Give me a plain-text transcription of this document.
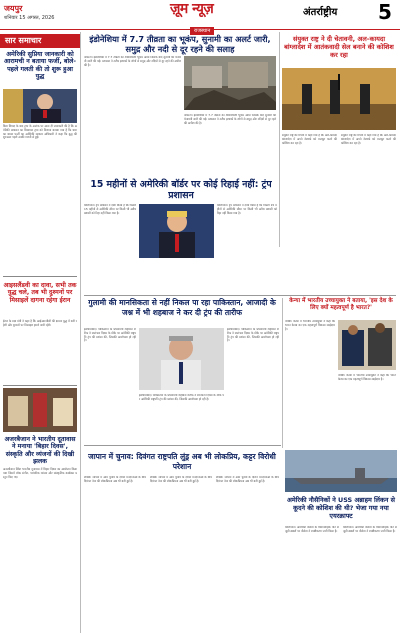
जयपुर
शनिवार 15 अगस्त, 2026
ज़ूम न्यूज़
राजस्थान
अंतर्राष्ट्रीय 5
सार समाचार
अमेरिकी सुप्रिया जानकारी को आरामची न बताया फर्जी, बोले-पहले गलती की तो शुरू हुआ युद्ध
बिना विवाद के बाद ट्रम्प के आतंक पर आज दी जानकारी की है कि अमेरिकी प्रशासन का बियावान ट्रम्प को निशाना बनाया गया है कि धारा का बयान फर्जी का अमेरिकी सरकार अधिकारी ने कहा कि युद्ध की शुरुआत पहले उनकी गलती से हुई।
आइसलैंडवी का दावा, सभी तक युद्ध चले, तब भी दुश्मनों पर मिसाइलें दागना रहेगा ईरान
ईरान के रक्षा मंत्री ने कहा है कि आईआरजीसी की क्षमता युद्ध में बनी रहेगी और दुश्मनों पर मिसाइल हमले जारी रहेंगे।
अजरबैजान ने भारतीय दूतावास ने मनाया 'बिहार दिवस', संस्कृति और व्यंजनों की दिखी झलक
अजरबैजान स्थित भारतीय दूतावास में बिहार दिवस का आयोजन किया गया जिसमें लोक संगीत, पारंपरिक व्यंजन और सांस्कृतिक कार्यक्रम प्रस्तुत किए गए।
इंडोनेशिया में 7.7 तीव्रता का भूकंप, सुनामी का अलर्ट जारी, समुद्र और नदी से दूर रहने की सलाह
जकार्ता। इंडोनेशिया में 7.7 तीव्रता का शक्तिशाली भूकंप आया जिसके बाद सुनामी की चेतावनी जारी की गई। प्रशासन ने तटीय इलाकों के लोगों से समुद्र और नदियों से दूर रहने की अपील की है।
जकार्ता। इंडोनेशिया में 7.7 तीव्रता का शक्तिशाली भूकंप आया जिसके बाद सुनामी की चेतावनी जारी की गई। प्रशासन ने तटीय इलाकों के लोगों से समुद्र और नदियों से दूर रहने की अपील की है।
संयुक्त राष्ट्र ने दी चेतावनी, अल-कायदा बांग्लादेश में आतंकवादी सेल बनाने की कोशिश कर रहा
संयुक्त राष्ट्र की रिपोर्ट में कहा गया है कि अल-कायदा बांग्लादेश में अपने नेटवर्क को मजबूत करने की कोशिश कर रहा है।
संयुक्त राष्ट्र की रिपोर्ट में कहा गया है कि अल-कायदा बांग्लादेश में अपने नेटवर्क को मजबूत करने की कोशिश कर रहा है।
15 महीनों से अमेरिकी बॉर्डर पर कोई रिहाई नहीं: ट्रंप प्रशासन
वॉशिंगटन। ट्रंप प्रशासन ने दावा किया है कि पिछले 15 महीनों से अमेरिकी सीमा पर किसी भी अवैध प्रवासी को रिहा नहीं किया गया है।
वॉशिंगटन। ट्रंप प्रशासन ने दावा किया है कि पिछले 15 महीनों से अमेरिकी सीमा पर किसी भी अवैध प्रवासी को रिहा नहीं किया गया है।
गुलामी की मानसिकता से नहीं निकल पा रहा पाकिस्तान, आजादी के जश्न में भी शहबाज ने कर दी ट्रंप की तारीफ
इस्लामाबाद। पाकिस्तान के प्रधानमंत्री शहबाज शरीफ ने स्वतंत्रता दिवस के मौके पर अमेरिकी राष्ट्रपति ट्रंप की प्रशंसा की, जिसकी आलोचना हो रही है।
इस्लामाबाद। पाकिस्तान के प्रधानमंत्री शहबाज शरीफ ने स्वतंत्रता दिवस के मौके पर अमेरिकी राष्ट्रपति ट्रंप की प्रशंसा की, जिसकी आलोचना हो रही है।
इस्लामाबाद। पाकिस्तान के प्रधानमंत्री शहबाज शरीफ ने स्वतंत्रता दिवस के मौके पर अमेरिकी राष्ट्रपति ट्रंप की प्रशंसा की, जिसकी आलोचना हो रही है।
केन्या में भारतीय उच्चायुक्त ने बताया, 'इस देश के लिए क्यों महत्वपूर्ण है भारत?'
नैरोबी। केन्या में भारतीय उच्चायुक्त ने कहा कि भारत केन्या का एक महत्वपूर्ण विकास साझेदार है।
नैरोबी। केन्या में भारतीय उच्चायुक्त ने कहा कि भारत केन्या का एक महत्वपूर्ण विकास साझेदार है।
जापान में चुनाव: दिवंगत राष्ट्रपति लुंड्र अब भी लोकप्रिय, कट्टर विरोधी परेशान
टोक्यो। जापान में आम चुनाव के दौरान मतदाताओं के बीच दिवंगत नेता की लोकप्रियता अब भी बनी हुई है।
टोक्यो। जापान में आम चुनाव के दौरान मतदाताओं के बीच दिवंगत नेता की लोकप्रियता अब भी बनी हुई है।
टोक्यो। जापान में आम चुनाव के दौरान मतदाताओं के बीच दिवंगत नेता की लोकप्रियता अब भी बनी हुई है।
अमेरिकी नौसैनिकों ने USS अब्राहम लिंकन से कूदने की कोशिश की थी? भेजा गया नया एयरक्राफ्ट
वॉशिंगटन। अमेरिकी नौसेना के विमानवाहक पोत से जुड़ी खबरों पर नौसेना ने स्पष्टीकरण जारी किया है।
वॉशिंगटन। अमेरिकी नौसेना के विमानवाहक पोत से जुड़ी खबरों पर नौसेना ने स्पष्टीकरण जारी किया है।
